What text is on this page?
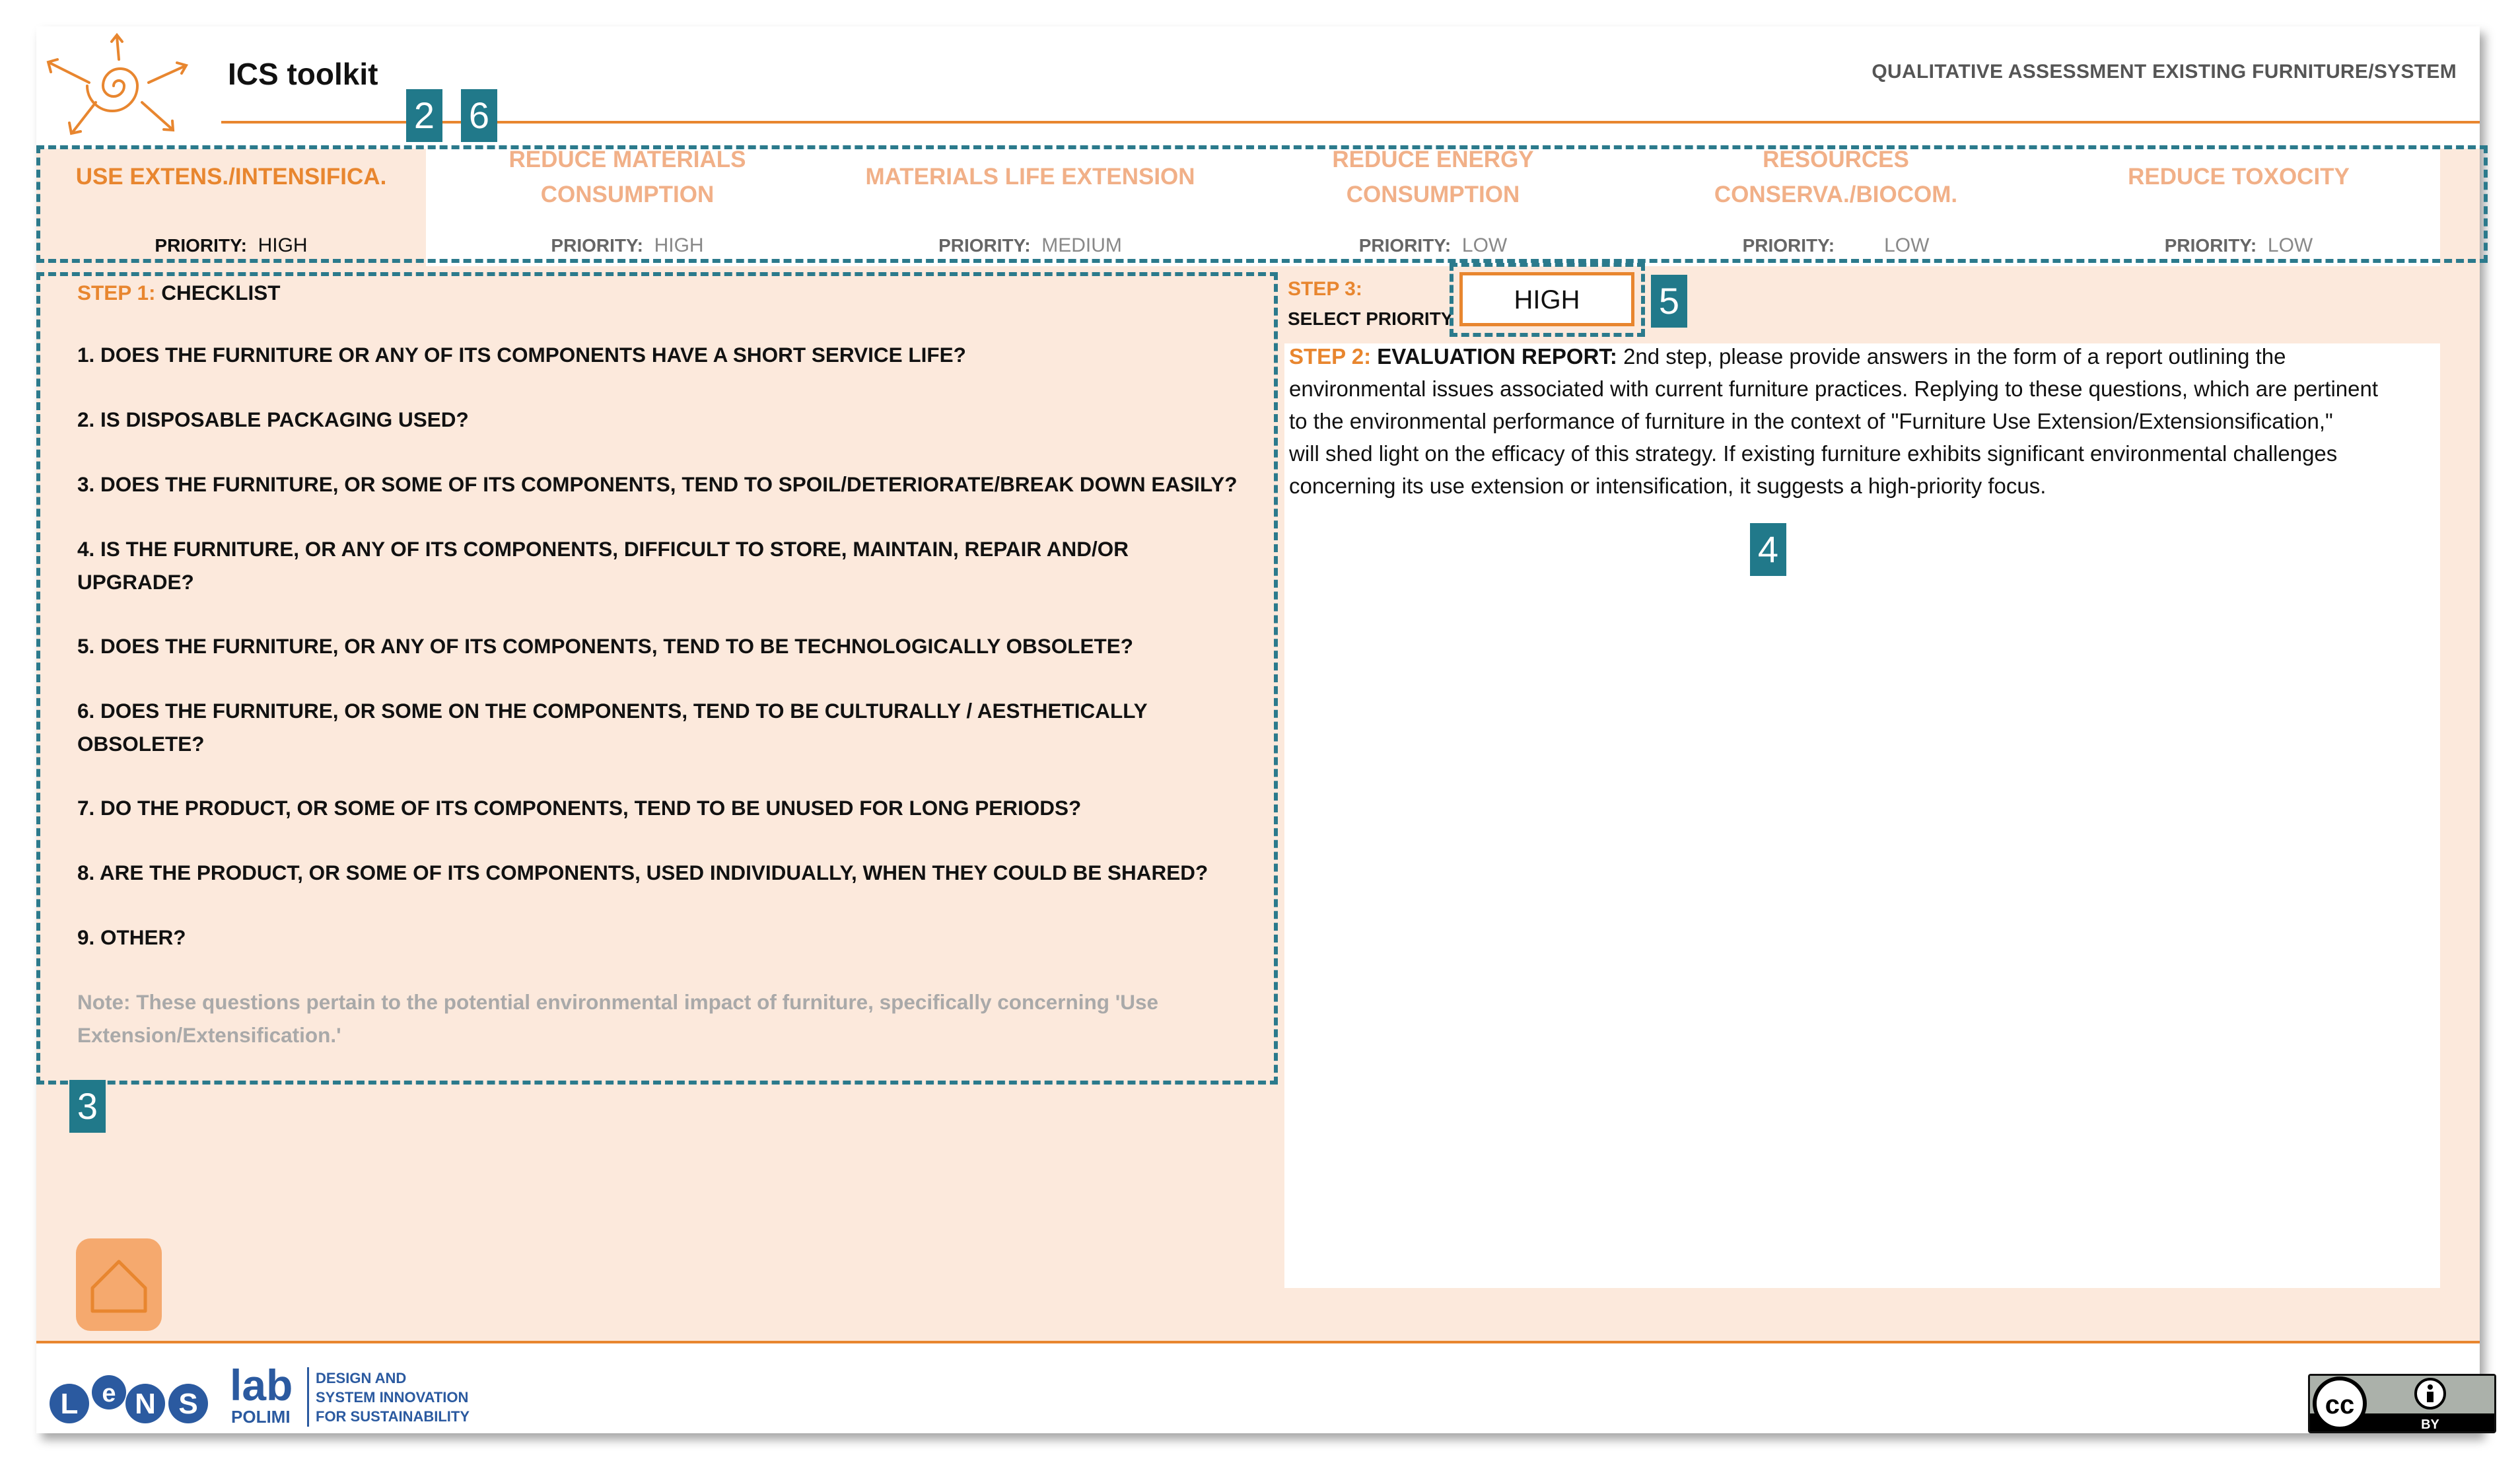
ICS toolkit	QUALITATIVE ASSESSMENT EXISTING FURNITURE/SYSTEM
USE EXTENS./INTENSIFICA.
PRIORITY: HIGH
REDUCE MATERIALS
CONSUMPTION
PRIORITY: HIGH
MATERIALS LIFE EXTENSION
PRIORITY: MEDIUM
REDUCE ENERGY
CONSUMPTION
PRIORITY: LOW
RESOURCES
CONSERVA./BIOCOM.
PRIORITY:	LOW
REDUCE TOXOCITY
PRIORITY: LOW
STEP 1: CHECKLIST
1. DOES THE FURNITURE OR ANY OF ITS COMPONENTS HAVE A SHORT SERVICE LIFE?
2. IS DISPOSABLE PACKAGING USED?
3. DOES THE FURNITURE, OR SOME OF ITS COMPONENTS, TEND TO SPOIL/DETERIORATE/BREAK DOWN EASILY?
4. IS THE FURNITURE, OR ANY OF ITS COMPONENTS, DIFFICULT TO STORE, MAINTAIN, REPAIR AND/OR
UPGRADE?
5. DOES THE FURNITURE, OR ANY OF ITS COMPONENTS, TEND TO BE TECHNOLOGICALLY OBSOLETE?
6. DOES THE FURNITURE, OR SOME ON THE COMPONENTS, TEND TO BE CULTURALLY / AESTHETICALLY
OBSOLETE?
7. DO THE PRODUCT, OR SOME OF ITS COMPONENTS, TEND TO BE UNUSED FOR LONG PERIODS?
8. ARE THE PRODUCT, OR SOME OF ITS COMPONENTS, USED INDIVIDUALLY, WHEN THEY COULD BE SHARED?
9. OTHER?
Note: These questions pertain to the potential environmental impact of furniture, specifically concerning 'Use
Extension/Extensification.'
STEP 2: EVALUATION REPORT: 2nd step, please provide answers in the form of a report outlining the
environmental issues associated with current furniture practices. Replying to these questions, which are pertinent
to the environmental performance of furniture in the context of "Furniture Use Extension/Extensionsification,"
will shed light on the efficacy of this strategy. If existing furniture exhibits significant environmental challenges
concerning its use extension or intensification, it suggests a high-priority focus.
STEP 3:
SELECT PRIORITY
HIGH
L e N S lab
POLIMI
DESIGN AND
SYSTEM INNOVATION
FOR SUSTAINABILITY	cc
BY
2 6
3
4
5
